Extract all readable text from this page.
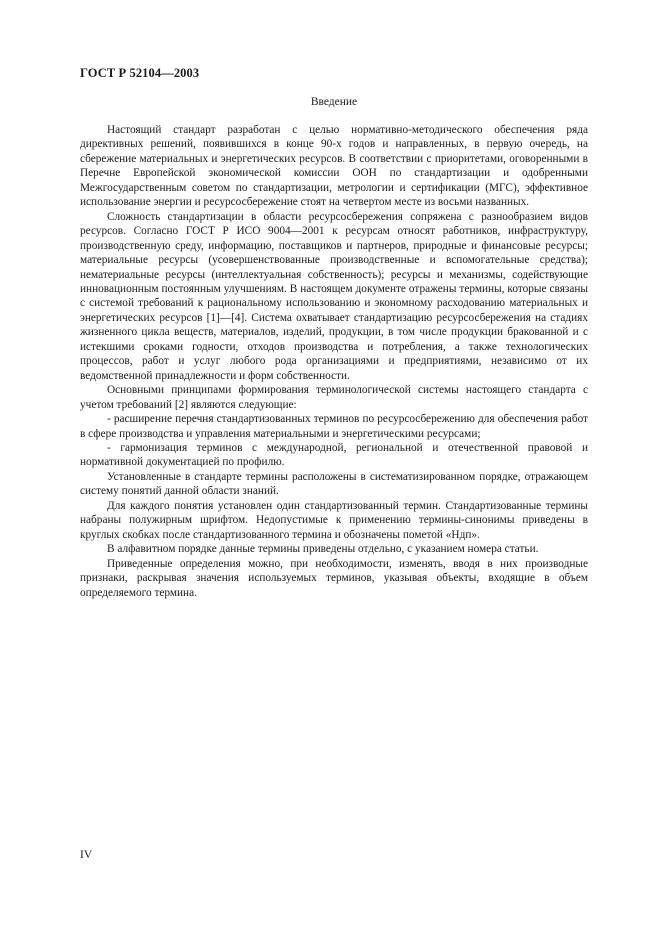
ГОСТ Р 52104—2003
Введение

Настоящий стандарт разработан с целью нормативно-методического обеспечения ряда директивных решений, появившихся в конце 90-х годов и направленных, в первую очередь, на сбережение материальных и энергетических ресурсов. В соответствии с приоритетами, оговоренными в Перечне Европейской экономической комиссии ООН по стандартизации и одобренными Межгосударственным советом по стандартизации, метрологии и сертификации (МГС), эффективное использование энергии и ресурсосбережение стоят на четвертом месте из восьми названных.

Сложность стандартизации в области ресурсосбережения сопряжена с разнообразием видов ресурсов. Согласно ГОСТ Р ИСО 9004—2001 к ресурсам относят работников, инфраструктуру, производственную среду, информацию, поставщиков и партнеров, природные и финансовые ресурсы; материальные ресурсы (усовершенствованные производственные и вспомогательные средства); нематериальные ресурсы (интеллектуальная собственность); ресурсы и механизмы, содействующие инновационным постоянным улучшениям. В настоящем документе отражены термины, которые связаны с системой требований к рациональному использованию и экономному расходованию материальных и энергетических ресурсов [1]—[4]. Система охватывает стандартизацию ресурсосбережения на стадиях жизненного цикла веществ, материалов, изделий, продукции, в том числе продукции бракованной и с истекшими сроками годности, отходов производства и потребления, а также технологических процессов, работ и услуг любого рода организациями и предприятиями, независимо от их ведомственной принадлежности и форм собственности.

Основными принципами формирования терминологической системы настоящего стандарта с учетом требований [2] являются следующие:

- расширение перечня стандартизованных терминов по ресурсосбережению для обеспечения работ в сфере производства и управления материальными и энергетическими ресурсами;

- гармонизация терминов с международной, региональной и отечественной правовой и нормативной документацией по профилю.

Установленные в стандарте термины расположены в систематизированном порядке, отражающем систему понятий данной области знаний.

Для каждого понятия установлен один стандартизованный термин. Стандартизованные термины набраны полужирным шрифтом. Недопустимые к применению термины-синонимы приведены в круглых скобках после стандартизованного термина и обозначены пометой «Ндп».

В алфавитном порядке данные термины приведены отдельно, с указанием номера статьи.

Приведенные определения можно, при необходимости, изменять, вводя в них производные признаки, раскрывая значения используемых терминов, указывая объекты, входящие в объем определяемого термина.

IV
